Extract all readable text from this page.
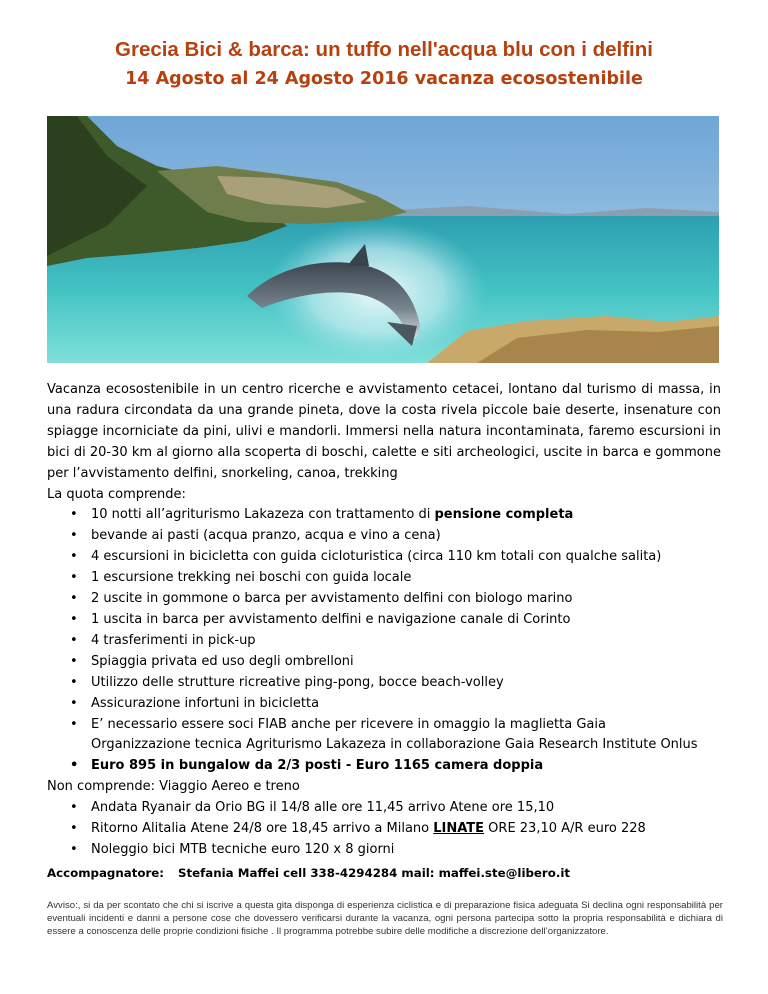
Grecia Bici & barca: un tuffo nell'acqua blu con i delfini
14 Agosto al 24 Agosto 2016 vacanza ecosostenibile

Vacanza ecosostenibile in un centro ricerche e avvistamento cetacei, lontano dal turismo di massa, in una radura circondata da una grande pineta, dove la costa rivela piccole baie deserte, insenature con spiagge incorniciate da pini, ulivi e mandorli. Immersi nella natura incontaminata, faremo escursioni in bici di 20-30 km al giorno alla scoperta di boschi, calette e siti archeologici, uscite in barca e gommone per l’avvistamento delfini, snorkeling, canoa, trekking

La quota comprende:

• 10 notti all’agriturismo Lakazeza con trattamento di pensione completa
• bevande ai pasti (acqua pranzo, acqua e vino a cena)
• 4 escursioni in bicicletta con guida cicloturistica (circa 110 km totali con qualche salita)
• 1 escursione trekking nei boschi con guida locale
• 2 uscite in gommone o barca per avvistamento delfini con biologo marino
• 1 uscita in barca per avvistamento delfini e navigazione canale di Corinto
• 4 trasferimenti in pick-up
• Spiaggia privata ed uso degli ombrelloni
• Utilizzo delle strutture ricreative ping-pong, bocce beach-volley
• Assicurazione infortuni in bicicletta
• E’ necessario essere soci FIAB anche per ricevere in omaggio la maglietta Gaia
Organizzazione tecnica Agriturismo Lakazeza in collaborazione Gaia Research Institute Onlus
• Euro 895 in bungalow da 2/3 posti - Euro 1165 camera doppia

Non comprende: Viaggio Aereo e treno

• Andata Ryanair da Orio BG il 14/8 alle ore 11,45 arrivo Atene ore 15,10
• Ritorno Alitalia Atene 24/8 ore 18,45 arrivo a Milano LINATE ORE 23,10 A/R euro 228
• Noleggio bici MTB tecniche euro 120 x 8 giorni
Accompagnatore: Stefania Maffei cell 338-4294284 mail: maffei.ste@libero.it
Avviso:, si da per scontato che chi si iscrive a questa gita disponga di esperienza ciclistica e di preparazione fisica adeguata Si declina ogni responsabilità per eventuali incidenti e danni a persone cose che dovessero verificarsi durante la vacanza, ogni persona partecipa sotto la propria responsabilità e dichiara di essere a conoscenza delle proprie condizioni fisiche . Il programma potrebbe subire delle modifiche a discrezione dell’organizzatore.
